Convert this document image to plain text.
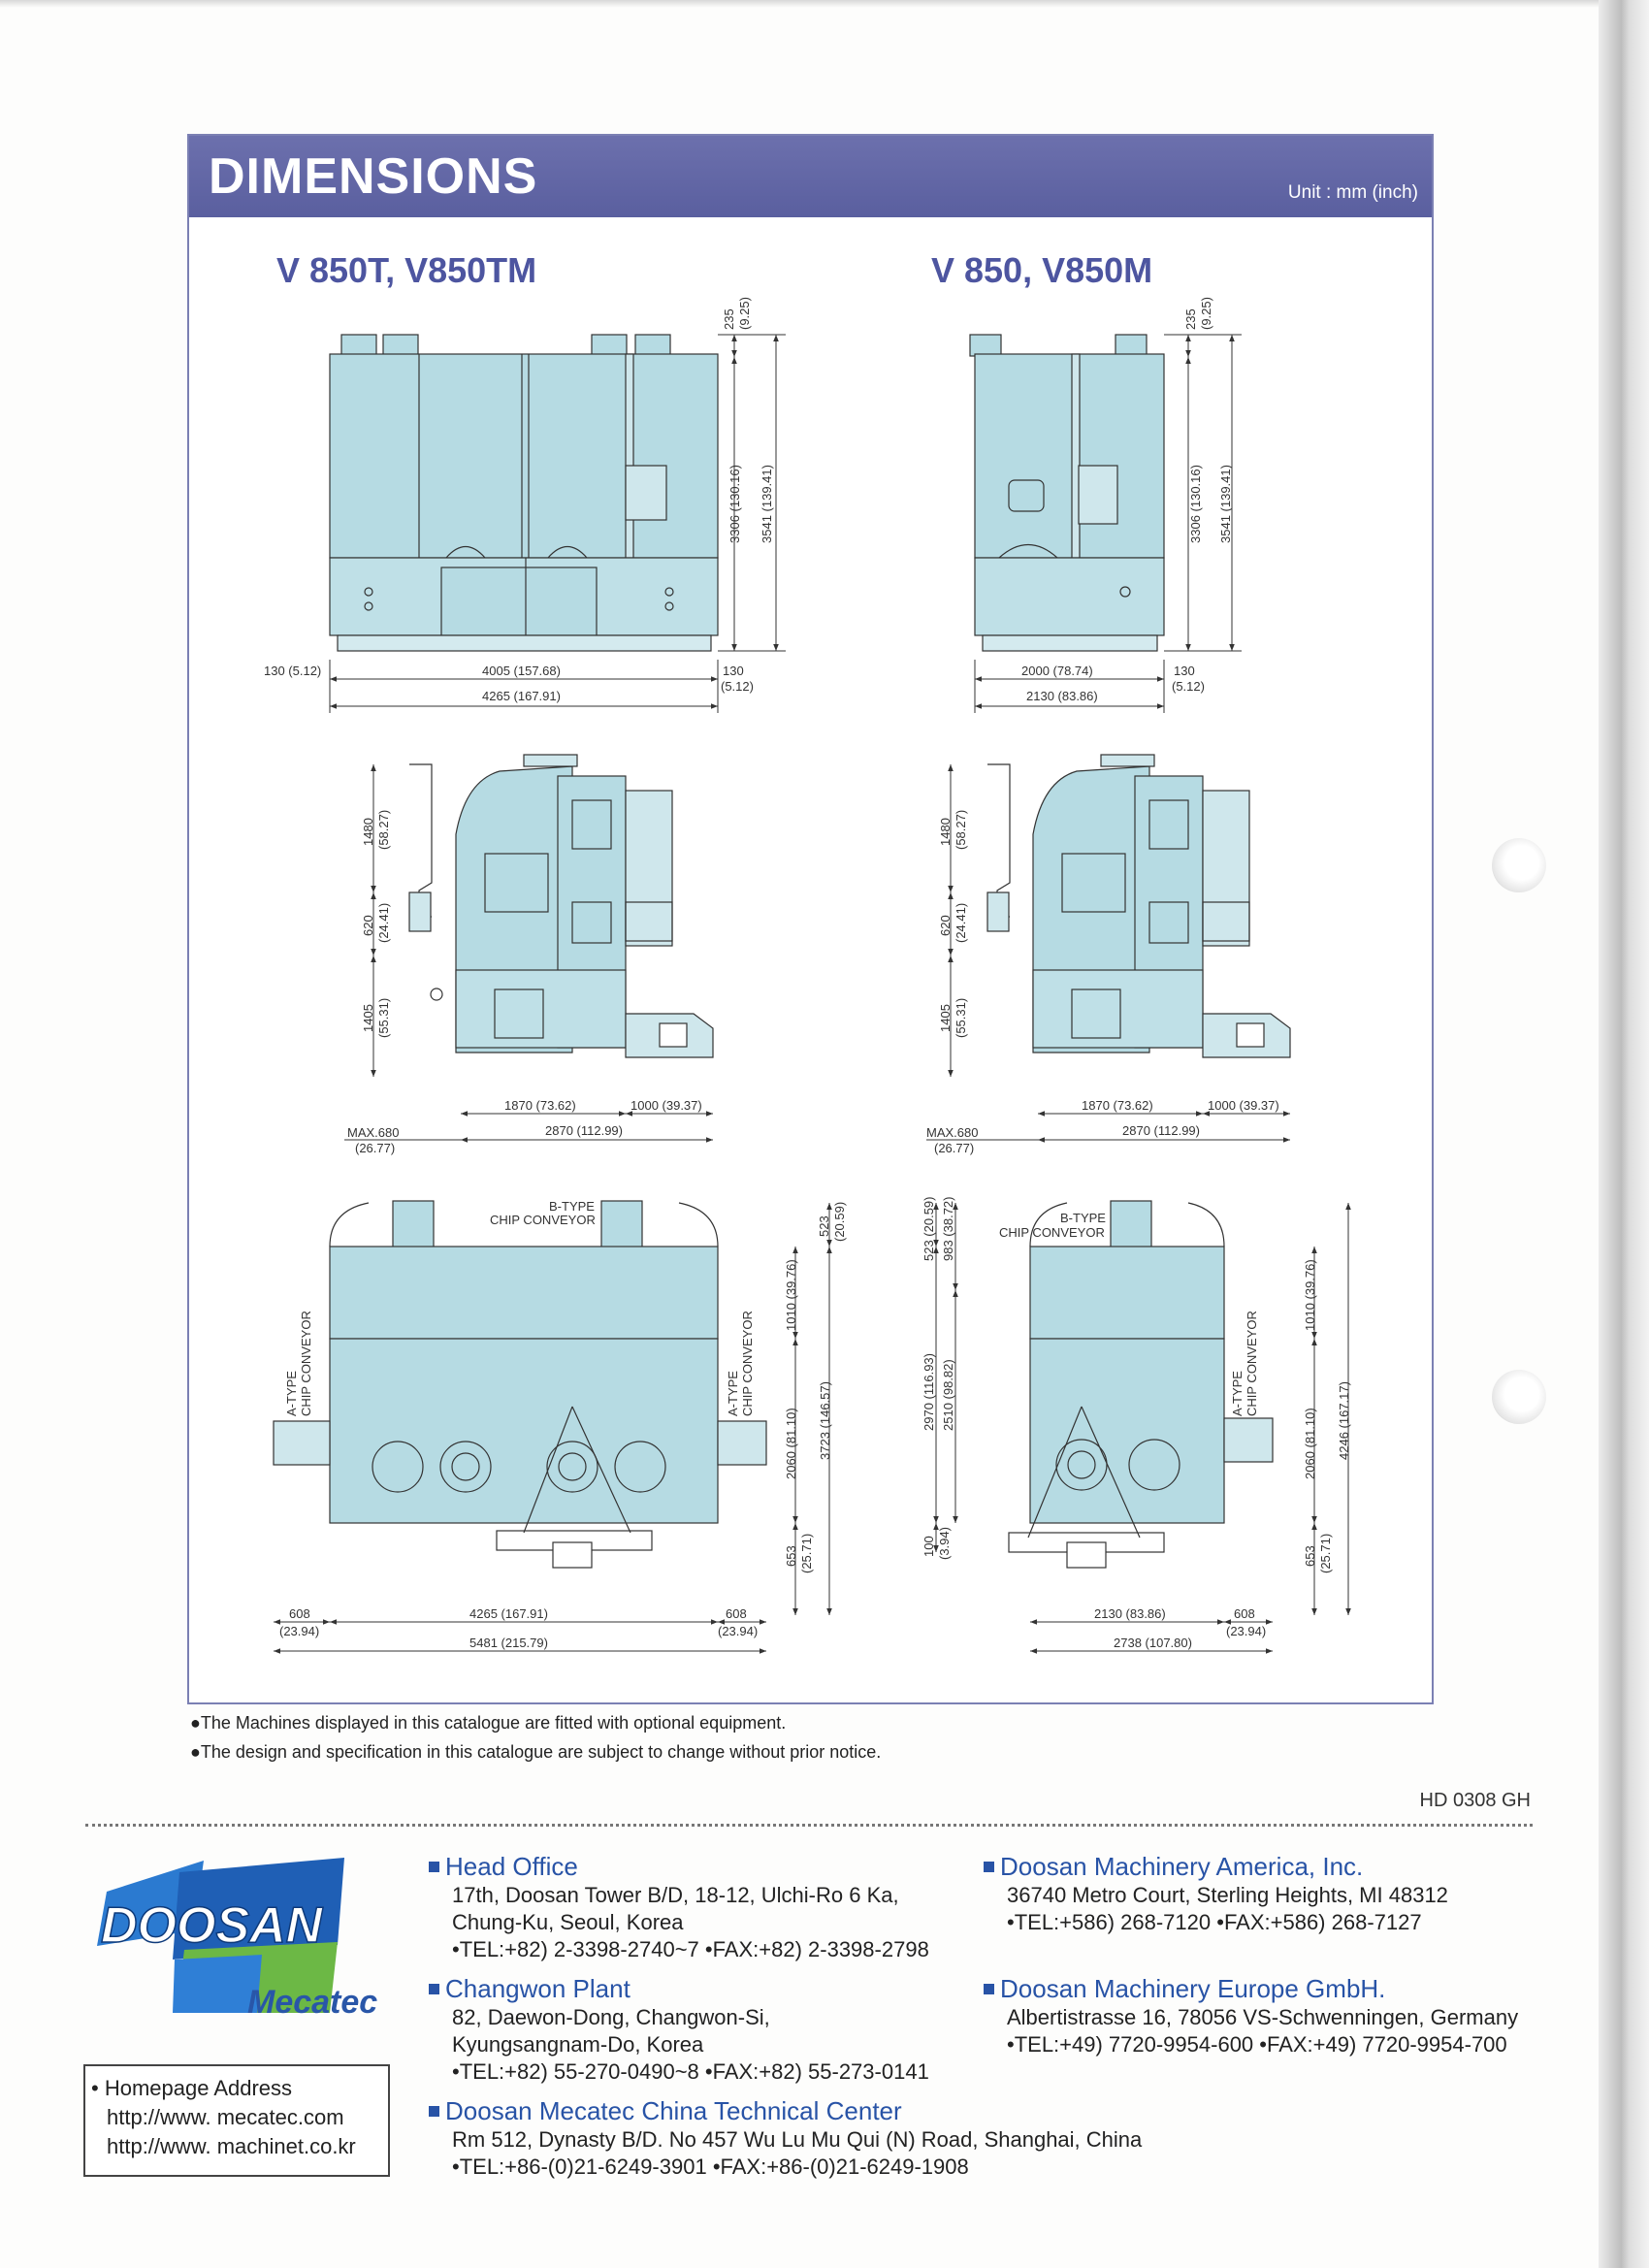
DIMENSIONS	Unit : mm (inch)
V 850T, V850TM	V 850, V850M
235 (9.25)
3306 (130.16) 3541 (139.41)
130 (5.12)	4005 (157.68)	130
(5.12)
4265 (167.91)
235 (9.25)
3306 (130.16) 3541 (139.41)
2000 (78.74)	130
(5.12)
2130 (83.86)
1480 (58.27)
620 (24.41)
1405 (55.31)
1870 (73.62)	1000 (39.37)
2870 (112.99)
MAX.680
(26.77)
1480 (58.27)
620 (24.41)
1405 (55.31)
1870 (73.62)	1000 (39.37)
2870 (112.99)
MAX.680
(26.77)
B-TYPE
CHIP CONVEYOR
A-TYPE CHIP CONVEYOR	A-TYPE CHIP CONVEYOR
523 (20.59)
1010 (39.76)
3723 (146.57)
2060 (81.10)
653 (25.71)
608
(23.94)
4265 (167.91)	608
(23.94)
5481 (215.79)
B-TYPE
CHIP CONVEYOR
A-TYPE CHIP CONVEYOR
523 (20.59) 983 (38.72)
2970 (116.93) 2510 (98.82)
100 (3.94)
1010 (39.76)
4246 (167.17)
2060 (81.10)
653 (25.71)
2130 (83.86)	608
(23.94)
2738 (107.80)
●The Machines displayed in this catalogue are fitted with optional equipment.
●The design and specification in this catalogue are subject to change without prior notice.
HD 0308 GH
DOOSAN
Mecatec
• Homepage Address
http://www. mecatec.com
http://www. machinet.co.kr
Head Office
17th, Doosan Tower B/D, 18-12, Ulchi-Ro 6 Ka,
Chung-Ku, Seoul, Korea
•TEL:+82) 2-3398-2740~7 •FAX:+82) 2-3398-2798
Changwon Plant
82, Daewon-Dong, Changwon-Si,
Kyungsangnam-Do, Korea
•TEL:+82) 55-270-0490~8 •FAX:+82) 55-273-0141
Doosan Mecatec China Technical Center
Rm 512, Dynasty B/D. No 457 Wu Lu Mu Qui (N) Road, Shanghai, China
•TEL:+86-(0)21-6249-3901 •FAX:+86-(0)21-6249-1908
Doosan Machinery America, Inc.
36740 Metro Court, Sterling Heights, MI 48312
•TEL:+586) 268-7120 •FAX:+586) 268-7127
Doosan Machinery Europe GmbH.
Albertistrasse 16, 78056 VS-Schwenningen, Germany
•TEL:+49) 7720-9954-600 •FAX:+49) 7720-9954-700
